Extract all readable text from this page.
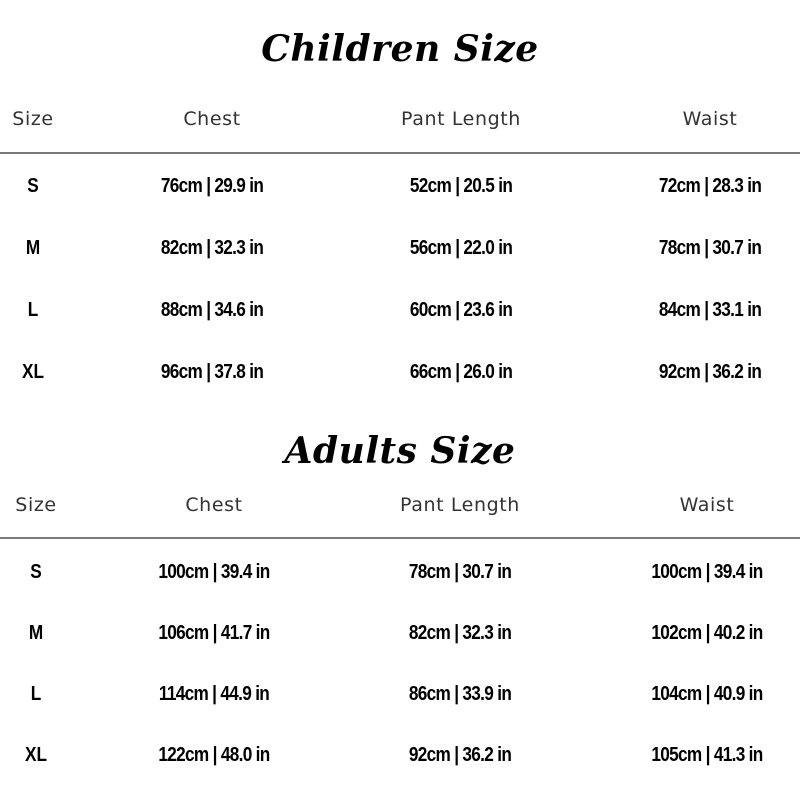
Children Size
Size	Chest	Pant Length	Waist
S	76cm | 29.9 in	52cm | 20.5 in	72cm | 28.3 in
M	82cm | 32.3 in	56cm | 22.0 in	78cm | 30.7 in
L	88cm | 34.6 in	60cm | 23.6 in	84cm | 33.1 in
XL	96cm | 37.8 in	66cm | 26.0 in	92cm | 36.2 in
Adults Size
Size	Chest	Pant Length	Waist
S	100cm | 39.4 in	78cm | 30.7 in	100cm | 39.4 in
M	106cm | 41.7 in	82cm | 32.3 in	102cm | 40.2 in
L	114cm | 44.9 in	86cm | 33.9 in	104cm | 40.9 in
XL	122cm | 48.0 in	92cm | 36.2 in	105cm | 41.3 in
